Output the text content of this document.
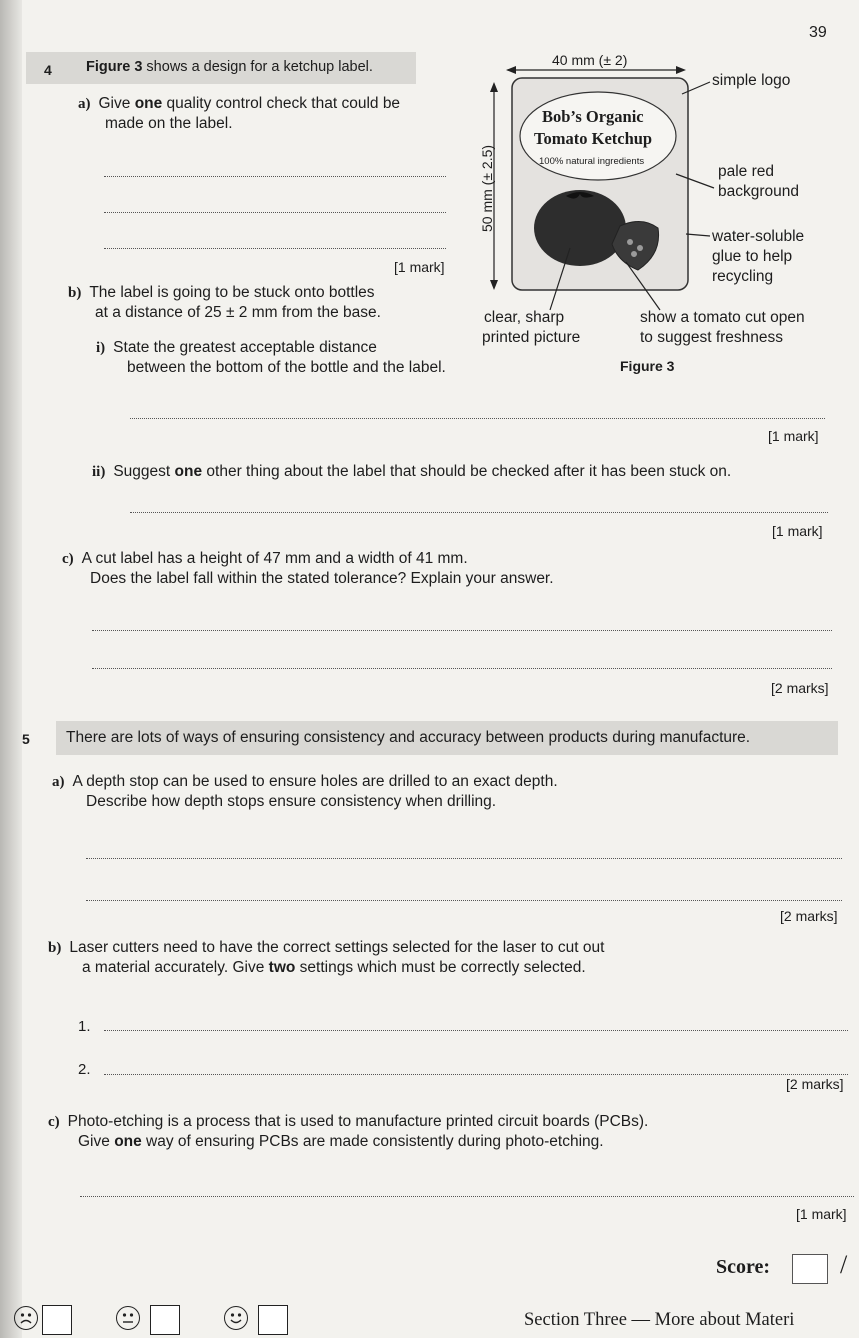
39
4 Figure 3 shows a design for a ketchup label.
a) Give one quality control check that could be
made on the label.
[1 mark]
b) The label is going to be stuck onto bottles
at a distance of 25 ± 2 mm from the base.
i) State the greatest acceptable distance
between the bottom of the bottle and the label.
[1 mark]
ii) Suggest one other thing about the label that should be checked after it has been stuck on.
[1 mark]
c) A cut label has a height of 47 mm and a width of 41 mm.
Does the label fall within the stated tolerance? Explain your answer.
[2 marks]
40 mm (± 2)
50 mm (± 2.5)
Bob’s Organic
Tomato Ketchup
100% natural ingredients
simple logo
pale red
background
water-soluble
glue to help
recycling
clear, sharp
printed picture
show a tomato cut open
to suggest freshness
Figure 3
5 There are lots of ways of ensuring consistency and accuracy between products during manufacture.
a) A depth stop can be used to ensure holes are drilled to an exact depth.
Describe how depth stops ensure consistency when drilling.
[2 marks]
b) Laser cutters need to have the correct settings selected for the laser to cut out
a material accurately. Give two settings which must be correctly selected.
1.
2.
[2 marks]
c) Photo-etching is a process that is used to manufacture printed circuit boards (PCBs).
Give one way of ensuring PCBs are made consistently during photo-etching.
[1 mark]
Score:	/
Section Three — More about Materi
